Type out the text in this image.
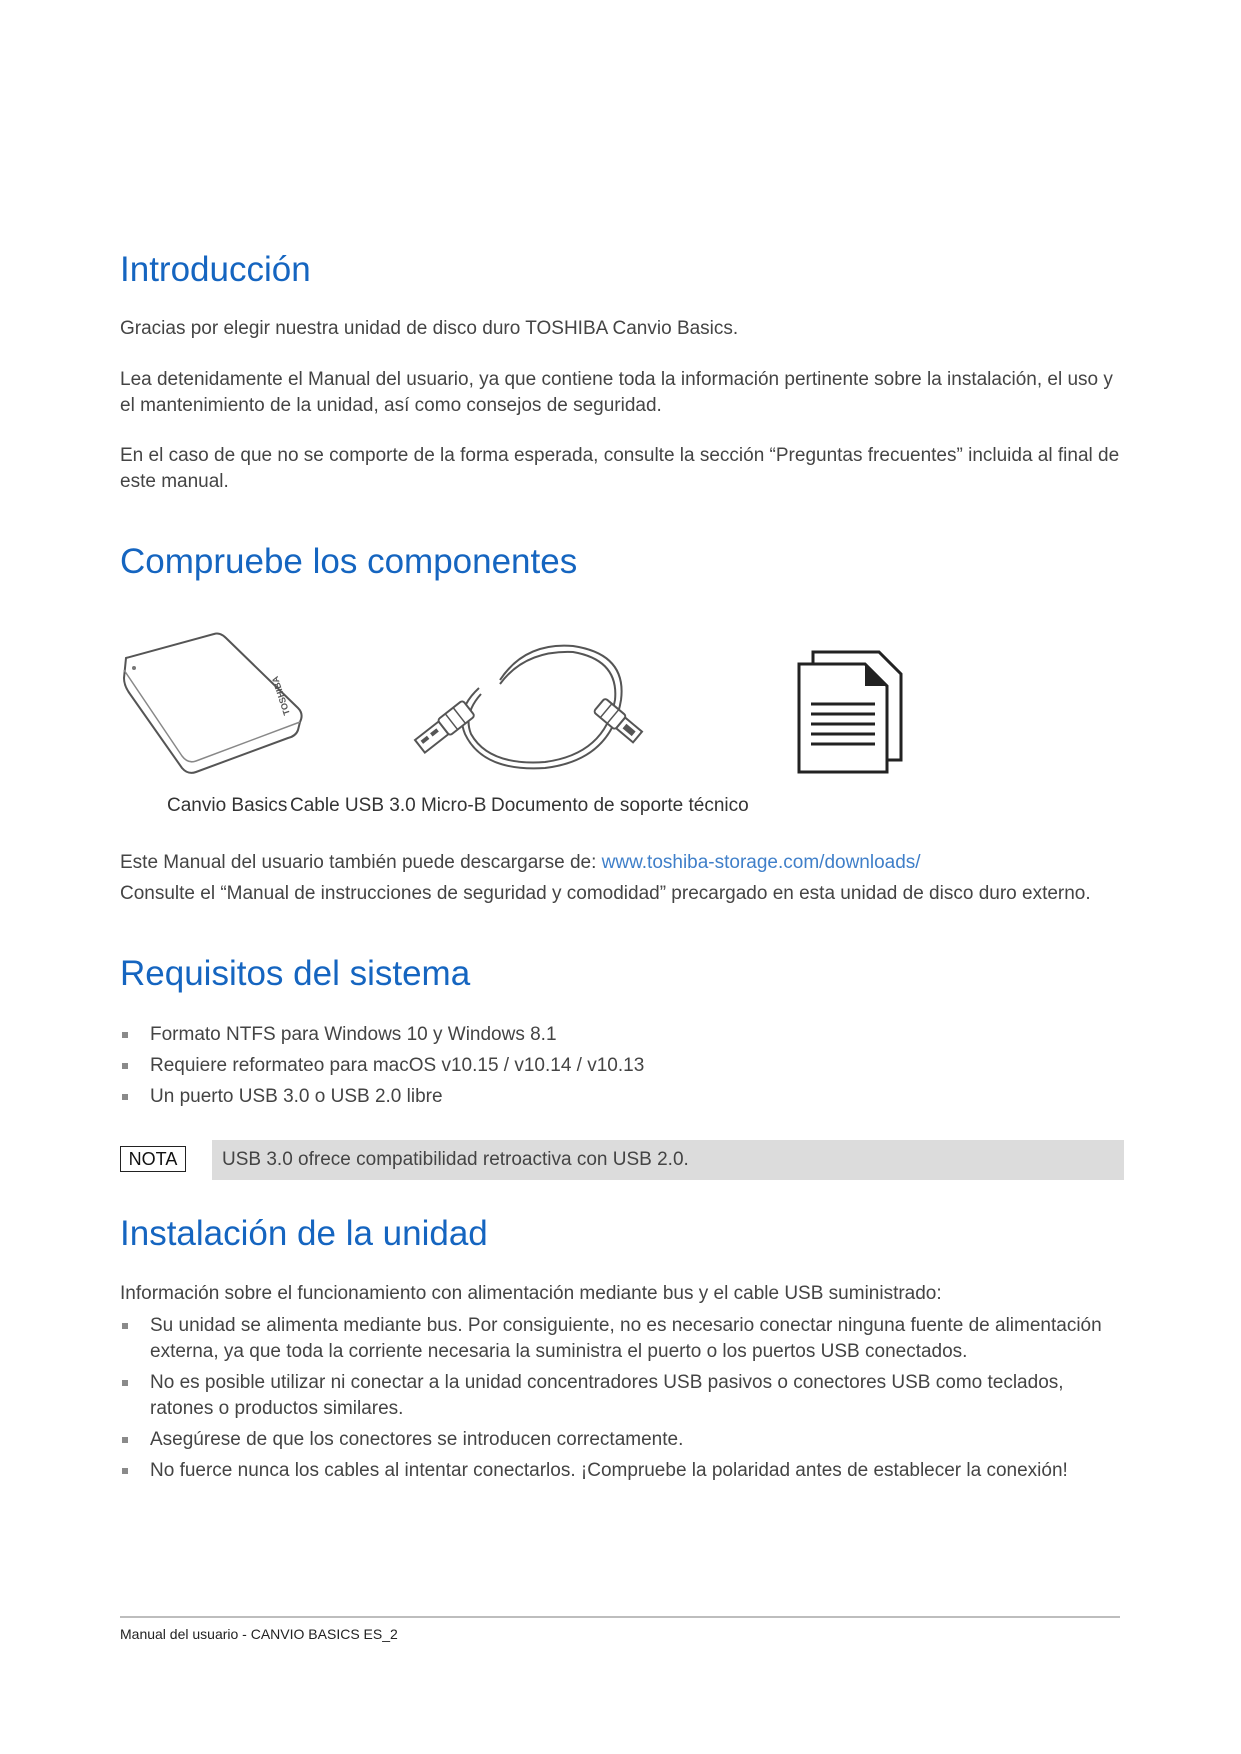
Introducción

Gracias por elegir nuestra unidad de disco duro TOSHIBA Canvio Basics.

Lea detenidamente el Manual del usuario, ya que contiene toda la información pertinente sobre la instalación, el uso y el mantenimiento de la unidad, así como consejos de seguridad.

En el caso de que no se comporte de la forma esperada, consulte la sección “Preguntas frecuentes” incluida al final de este manual.

Compruebe los componentes
TOSHIBA
Canvio Basics Cable USB 3.0 Micro-B Documento de soporte técnico

Este Manual del usuario también puede descargarse de: www.toshiba-storage.com/downloads/

Consulte el “Manual de instrucciones de seguridad y comodidad” precargado en esta unidad de disco duro externo.

Requisitos del sistema
Formato NTFS para Windows 10 y Windows 8.1
Requiere reformateo para macOS v10.15 / v10.14 / v10.13
Un puerto USB 3.0 o USB 2.0 libre
NOTA	USB 3.0 ofrece compatibilidad retroactiva con USB 2.0.
Instalación de la unidad

Información sobre el funcionamiento con alimentación mediante bus y el cable USB suministrado:

Su unidad se alimenta mediante bus. Por consiguiente, no es necesario conectar ninguna fuente de alimentación externa, ya que toda la corriente necesaria la suministra el puerto o los puertos USB conectados.
No es posible utilizar ni conectar a la unidad concentradores USB pasivos o conectores USB como teclados, ratones o productos similares.
Asegúrese de que los conectores se introducen correctamente.
No fuerce nunca los cables al intentar conectarlos. ¡Compruebe la polaridad antes de establecer la conexión!
Manual del usuario - CANVIO BASICS ES_2
